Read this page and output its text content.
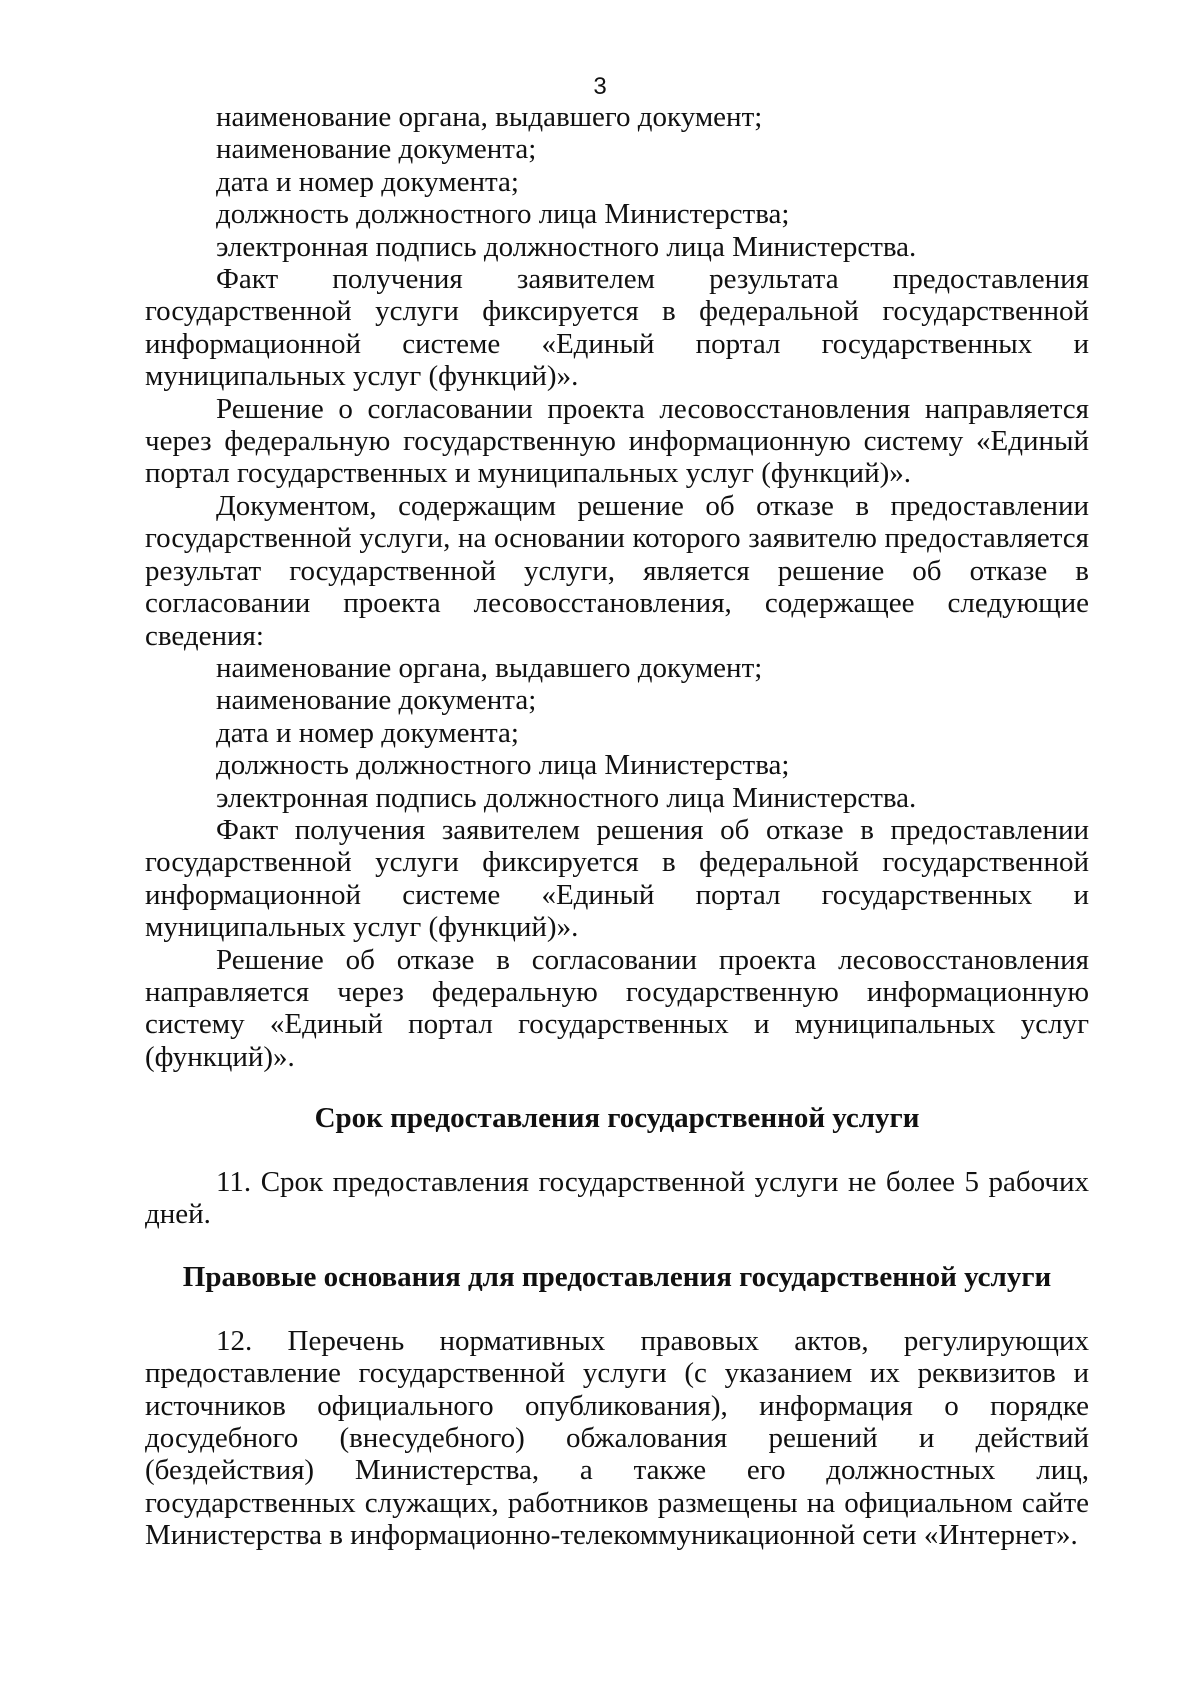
3

наименование органа, выдавшего документ;

наименование документа;

дата и номер документа;

должность должностного лица Министерства;

электронная подпись должностного лица Министерства.

Факт получения заявителем результата предоставления государственной услуги фиксируется в федеральной государственной информационной системе «Единый портал государственных и муниципальных услуг (функций)».

Решение о согласовании проекта лесовосстановления направляется через федеральную государственную информационную систему «Единый портал государственных и муниципальных услуг (функций)».

Документом, содержащим решение об отказе в предоставлении государственной услуги, на основании которого заявителю предоставляется результат государственной услуги, является решение об отказе в согласовании проекта лесовосстановления, содержащее следующие сведения:

наименование органа, выдавшего документ;

наименование документа;

дата и номер документа;

должность должностного лица Министерства;

электронная подпись должностного лица Министерства.

Факт получения заявителем решения об отказе в предоставлении государственной услуги фиксируется в федеральной государственной информационной системе «Единый портал государственных и муниципальных услуг (функций)».

Решение об отказе в согласовании проекта лесовосстановления направляется через федеральную государственную информационную систему «Единый портал государственных и муниципальных услуг (функций)».

Срок предоставления государственной услуги

11. Срок предоставления государственной услуги не более 5 рабочих дней.

Правовые основания для предоставления государственной услуги

12. Перечень нормативных правовых актов, регулирующих предоставление государственной услуги (с указанием их реквизитов и источников официального опубликования), информация о порядке досудебного (внесудебного) обжалования решений и действий (бездействия) Министерства, а также его должностных лиц, государственных служащих, работников размещены на официальном сайте Министерства в информационно-телекоммуникационной сети «Интернет».
